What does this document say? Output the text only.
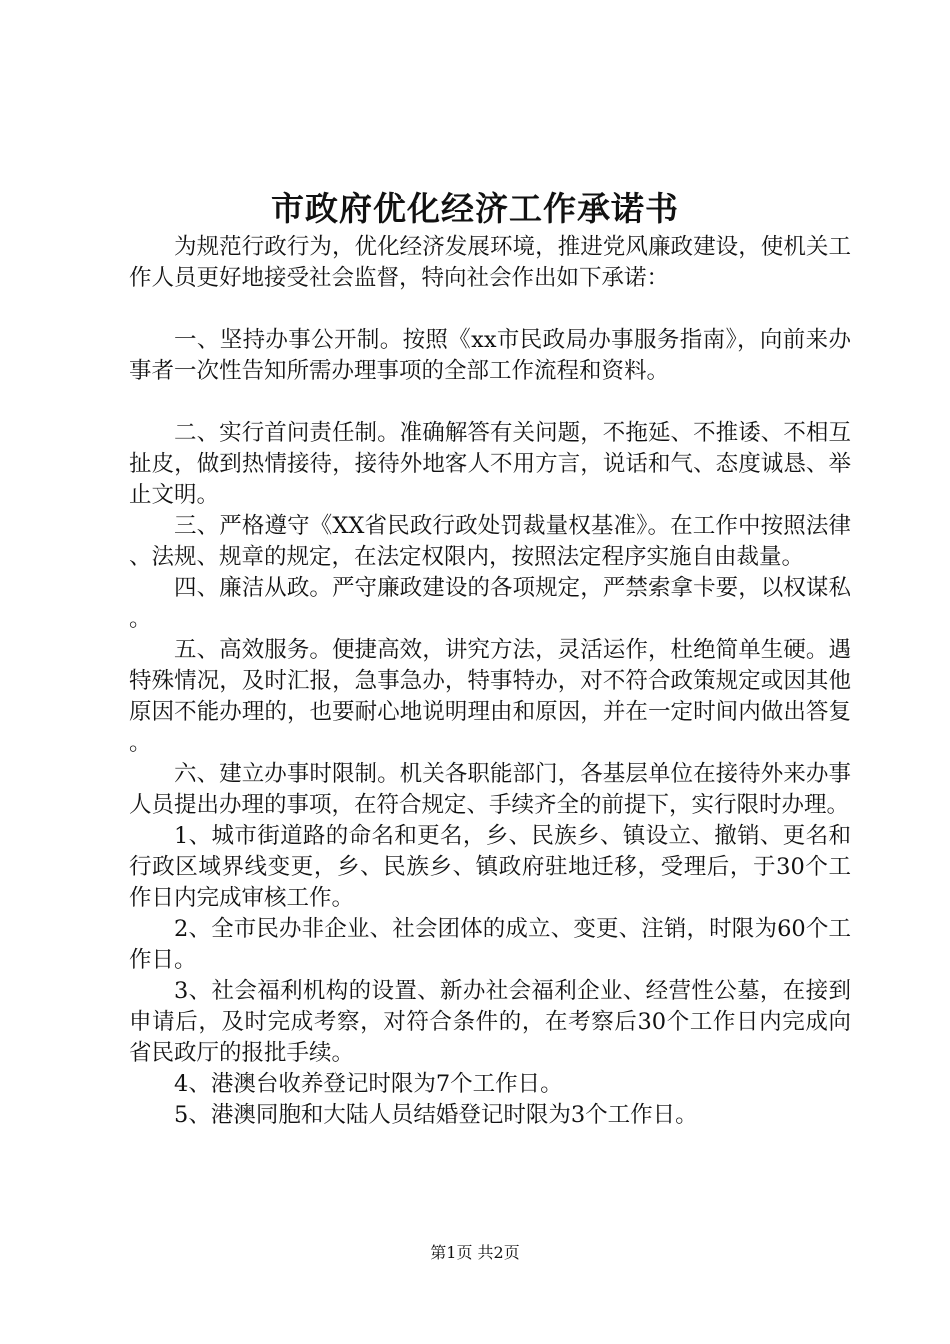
市政府优化经济工作承诺书

为规范行政行为，优化经济发展环境，推进党风廉政建设，使机关工作人员更好地接受社会监督，特向社会作出如下承诺：

一、坚持办事公开制。按照《xx市民政局办事服务指南》，向前来办事者一次性告知所需办理事项的全部工作流程和资料。

二、实行首问责任制。准确解答有关问题，不拖延、不推诿、不相互扯皮，做到热情接待，接待外地客人不用方言，说话和气、态度诚恳、举止文明。

三、严格遵守《XX省民政行政处罚裁量权基准》。在工作中按照法律、法规、规章的规定，在法定权限内，按照法定程序实施自由裁量。

四、廉洁从政。严守廉政建设的各项规定，严禁索拿卡要，以权谋私。

五、高效服务。便捷高效，讲究方法，灵活运作，杜绝简单生硬。遇特殊情况，及时汇报，急事急办，特事特办，对不符合政策规定或因其他原因不能办理的，也要耐心地说明理由和原因，并在一定时间内做出答复。

六、建立办事时限制。机关各职能部门，各基层单位在接待外来办事人员提出办理的事项，在符合规定、手续齐全的前提下，实行限时办理。

1、城市街道路的命名和更名，乡、民族乡、镇设立、撤销、更名和行政区域界线变更，乡、民族乡、镇政府驻地迁移，受理后，于30个工作日内完成审核工作。

2、全市民办非企业、社会团体的成立、变更、注销，时限为60个工作日。

3、社会福利机构的设置、新办社会福利企业、经营性公墓，在接到申请后，及时完成考察，对符合条件的，在考察后30个工作日内完成向省民政厅的报批手续。

4、港澳台收养登记时限为7个工作日。

5、港澳同胞和大陆人员结婚登记时限为3个工作日。

第1页 共2页
